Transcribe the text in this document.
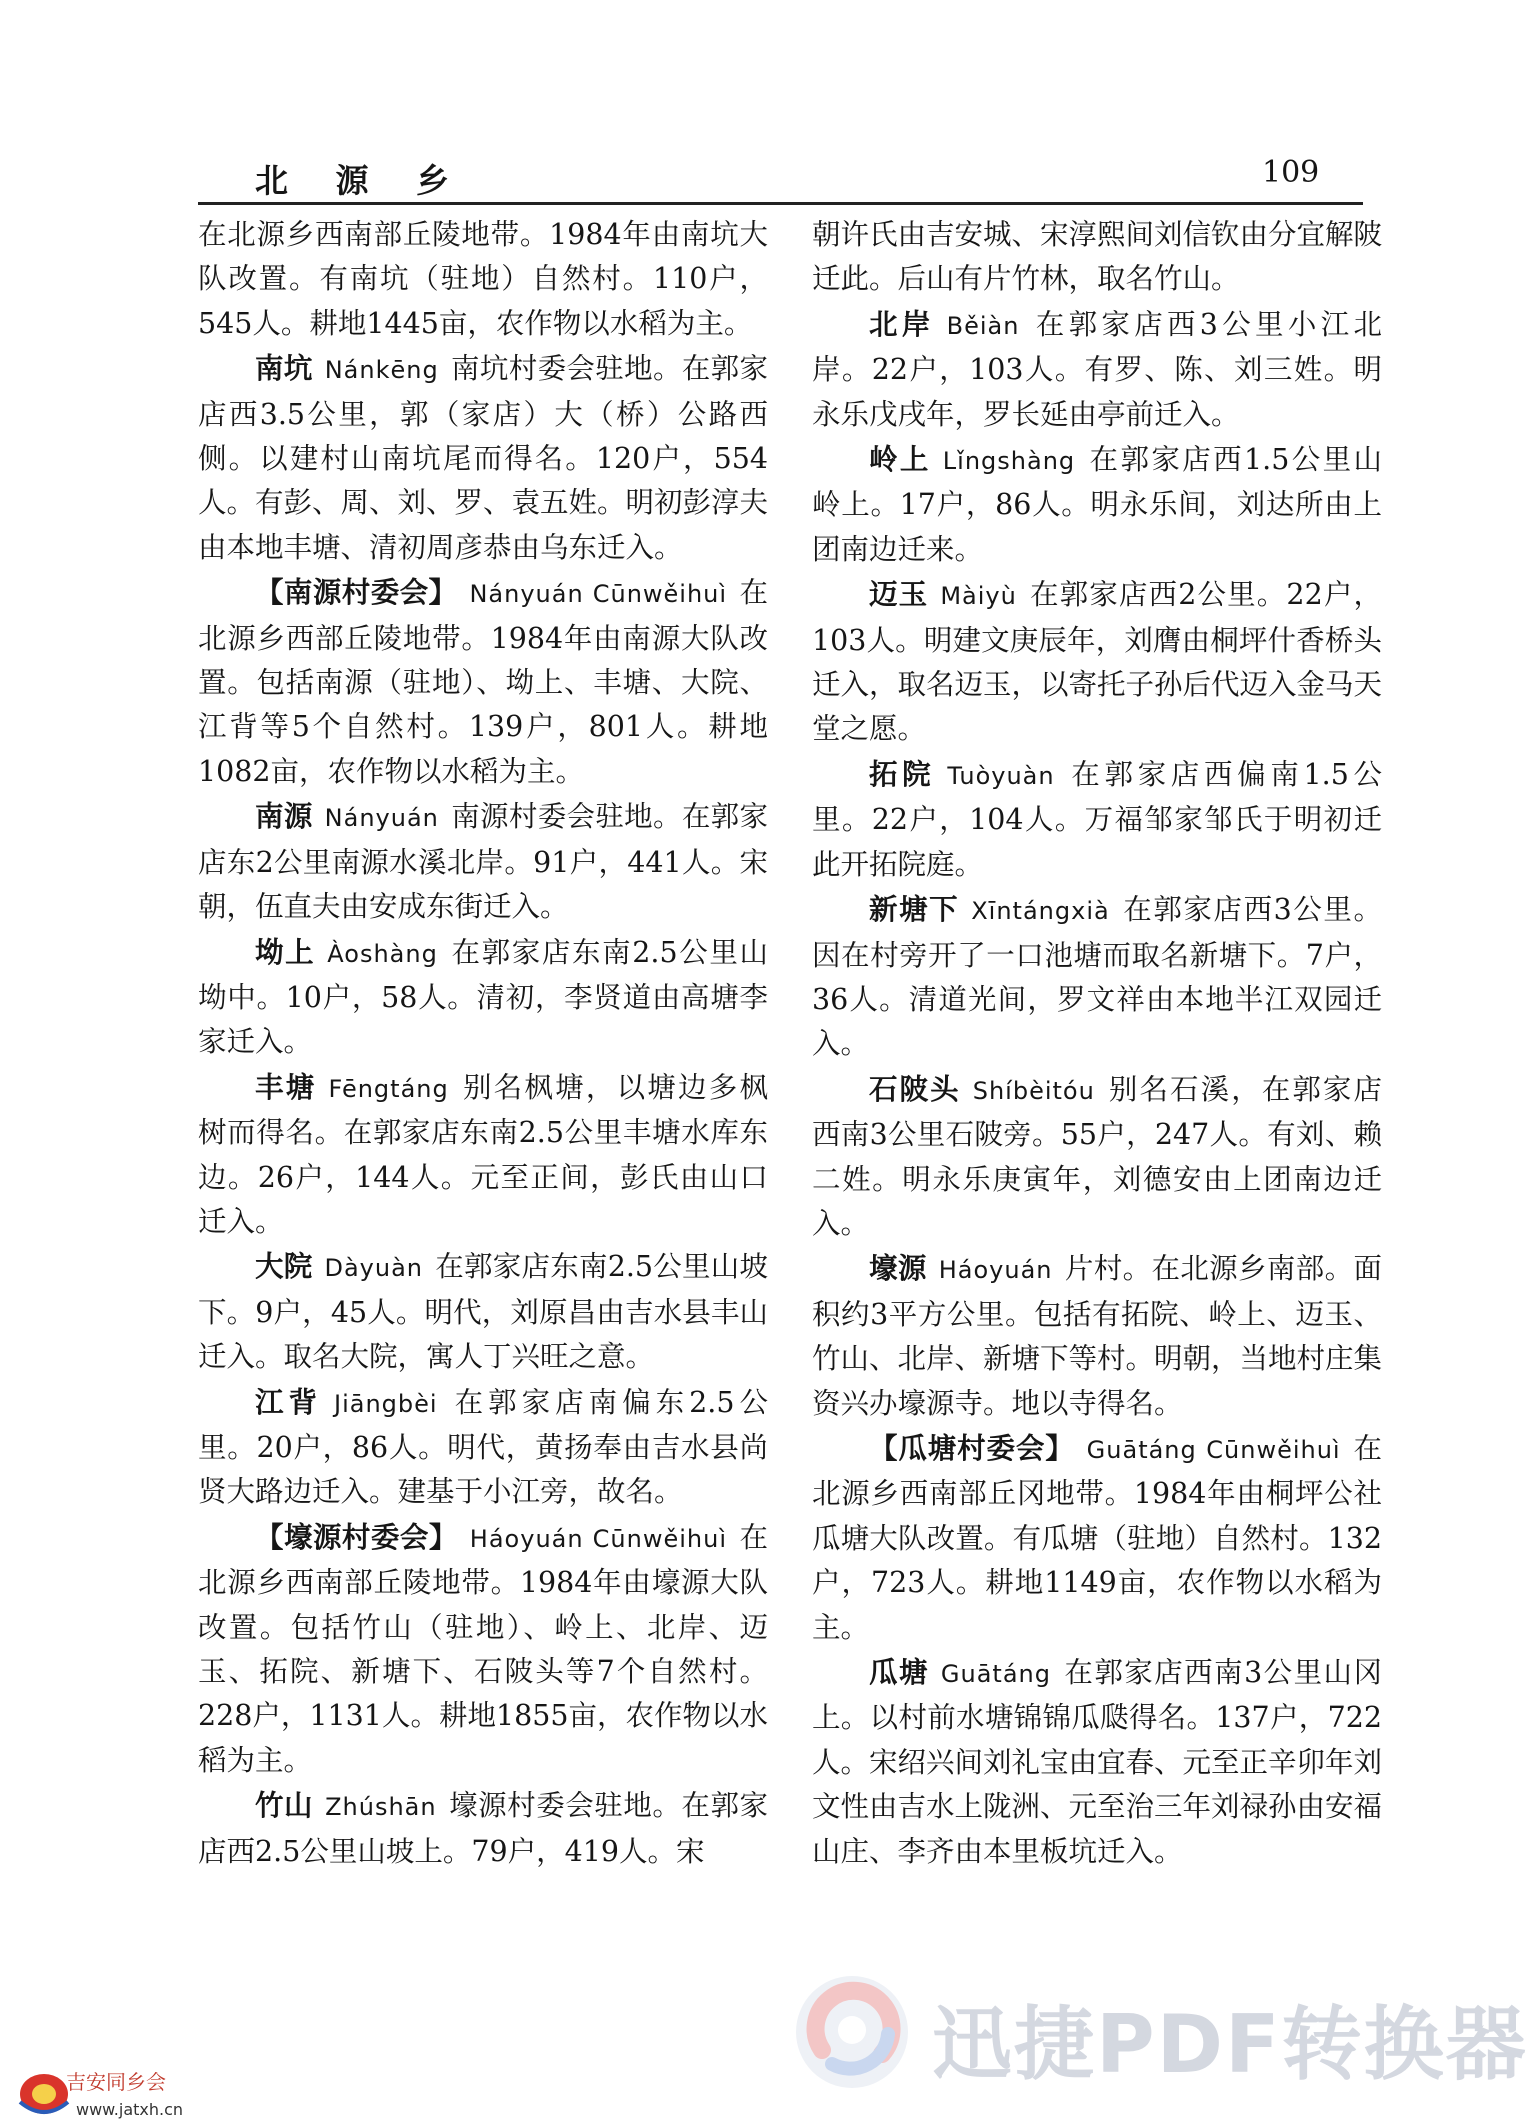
北 源 乡	109

在北源乡西南部丘陵地带。1984年由南坑大队改置。有南坑（驻地）自然村。110户，545人。耕地1445亩，农作物以水稻为主。

南坑 Nánkēng 南坑村委会驻地。在郭家店西3.5公里，郭（家店）大（桥）公路西侧。以建村山南坑尾而得名。120户，554人。有彭、周、刘、罗、袁五姓。明初彭淳夫由本地丰塘、清初周彦恭由乌东迁入。

【南源村委会】 Nányuán Cūnwěihuì 在北源乡西部丘陵地带。1984年由南源大队改置。包括南源（驻地）、坳上、丰塘、大院、江背等5个自然村。139户，801人。耕地1082亩，农作物以水稻为主。

南源 Nányuán 南源村委会驻地。在郭家店东2公里南源水溪北岸。91户，441人。宋朝，伍直夫由安成东街迁入。

坳上 Àoshàng 在郭家店东南2.5公里山坳中。10户，58人。清初，李贤道由高塘李家迁入。

丰塘 Fēngtáng 别名枫塘，以塘边多枫树而得名。在郭家店东南2.5公里丰塘水库东边。26户，144人。元至正间，彭氏由山口迁入。

大院 Dàyuàn 在郭家店东南2.5公里山坡下。9户，45人。明代，刘原昌由吉水县丰山迁入。取名大院，寓人丁兴旺之意。

江背 Jiāngbèi 在郭家店南偏东2.5公里。20户，86人。明代，黄扬奉由吉水县尚贤大路边迁入。建基于小江旁，故名。

【壕源村委会】 Háoyuán Cūnwěihuì 在北源乡西南部丘陵地带。1984年由壕源大队改置。包括竹山（驻地）、岭上、北岸、迈玉、拓院、新塘下、石陂头等7个自然村。228户，1131人。耕地1855亩，农作物以水稻为主。

竹山 Zhúshān 壕源村委会驻地。在郭家店西2.5公里山坡上。79户，419人。宋

朝许氏由吉安城、宋淳熙间刘信钦由分宜解陂迁此。后山有片竹林，取名竹山。

北岸 Běiàn 在郭家店西3公里小江北岸。22户，103人。有罗、陈、刘三姓。明永乐戊戌年，罗长延由亭前迁入。

岭上 Lǐngshàng 在郭家店西1.5公里山岭上。17户，86人。明永乐间，刘达所由上团南边迁来。

迈玉 Màiyù 在郭家店西2公里。22户，103人。明建文庚辰年，刘膺由桐坪什香桥头迁入，取名迈玉，以寄托子孙后代迈入金马天堂之愿。

拓院 Tuòyuàn 在郭家店西偏南1.5公里。22户，104人。万福邹家邹氏于明初迁此开拓院庭。

新塘下 Xīntángxià 在郭家店西3公里。因在村旁开了一口池塘而取名新塘下。7户，36人。清道光间，罗文祥由本地半江双园迁入。

石陂头 Shíbèitóu 别名石溪，在郭家店西南3公里石陂旁。55户，247人。有刘、赖二姓。明永乐庚寅年，刘德安由上团南边迁入。

壕源 Háoyuán 片村。在北源乡南部。面积约3平方公里。包括有拓院、岭上、迈玉、竹山、北岸、新塘下等村。明朝，当地村庄集资兴办壕源寺。地以寺得名。

【瓜塘村委会】 Guātáng Cūnwěihuì 在北源乡西南部丘冈地带。1984年由桐坪公社瓜塘大队改置。有瓜塘（驻地）自然村。132户，723人。耕地1149亩，农作物以水稻为主。

瓜塘 Guātáng 在郭家店西南3公里山冈上。以村前水塘锦锦瓜瓞得名。137户，722人。宋绍兴间刘礼宝由宜春、元至正辛卯年刘文性由吉水上陇洲、元至治三年刘禄孙由安福山庄、李齐由本里板坑迁入。

迅捷PDF转换器
吉安同乡会
www.jatxh.cn
